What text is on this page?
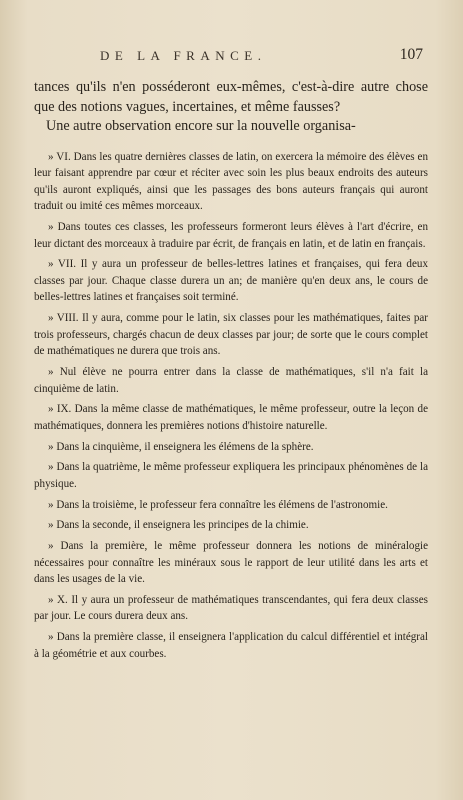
DE LA FRANCE.	107

tances qu'ils n'en posséderont eux-mêmes, c'est-à-dire autre chose que des notions vagues, incertaines, et même fausses?

Une autre observation encore sur la nouvelle organisa-

» VI. Dans les quatre dernières classes de latin, on exercera la mémoire des élèves en leur faisant apprendre par cœur et réciter avec soin les plus beaux endroits des auteurs qu'ils auront expliqués, ainsi que les passages des bons auteurs français qui auront traduit ou imité ces mêmes morceaux.

» Dans toutes ces classes, les professeurs formeront leurs élèves à l'art d'écrire, en leur dictant des morceaux à traduire par écrit, de français en latin, et de latin en français.

» VII. Il y aura un professeur de belles-lettres latines et françaises, qui fera deux classes par jour. Chaque classe durera un an; de manière qu'en deux ans, le cours de belles-lettres latines et françaises soit terminé.

» VIII. Il y aura, comme pour le latin, six classes pour les mathématiques, faites par trois professeurs, chargés chacun de deux classes par jour; de sorte que le cours complet de mathématiques ne durera que trois ans.

» Nul élève ne pourra entrer dans la classe de mathématiques, s'il n'a fait la cinquième de latin.

» IX. Dans la même classe de mathématiques, le même professeur, outre la leçon de mathématiques, donnera les premières notions d'histoire naturelle.

» Dans la cinquième, il enseignera les élémens de la sphère.

» Dans la quatrième, le même professeur expliquera les principaux phénomènes de la physique.

» Dans la troisième, le professeur fera connaître les élémens de l'astronomie.

» Dans la seconde, il enseignera les principes de la chimie.

» Dans la première, le même professeur donnera les notions de minéralogie nécessaires pour connaître les minéraux sous le rapport de leur utilité dans les arts et dans les usages de la vie.

» X. Il y aura un professeur de mathématiques transcendantes, qui fera deux classes par jour. Le cours durera deux ans.

» Dans la première classe, il enseignera l'application du calcul différentiel et intégral à la géométrie et aux courbes.
